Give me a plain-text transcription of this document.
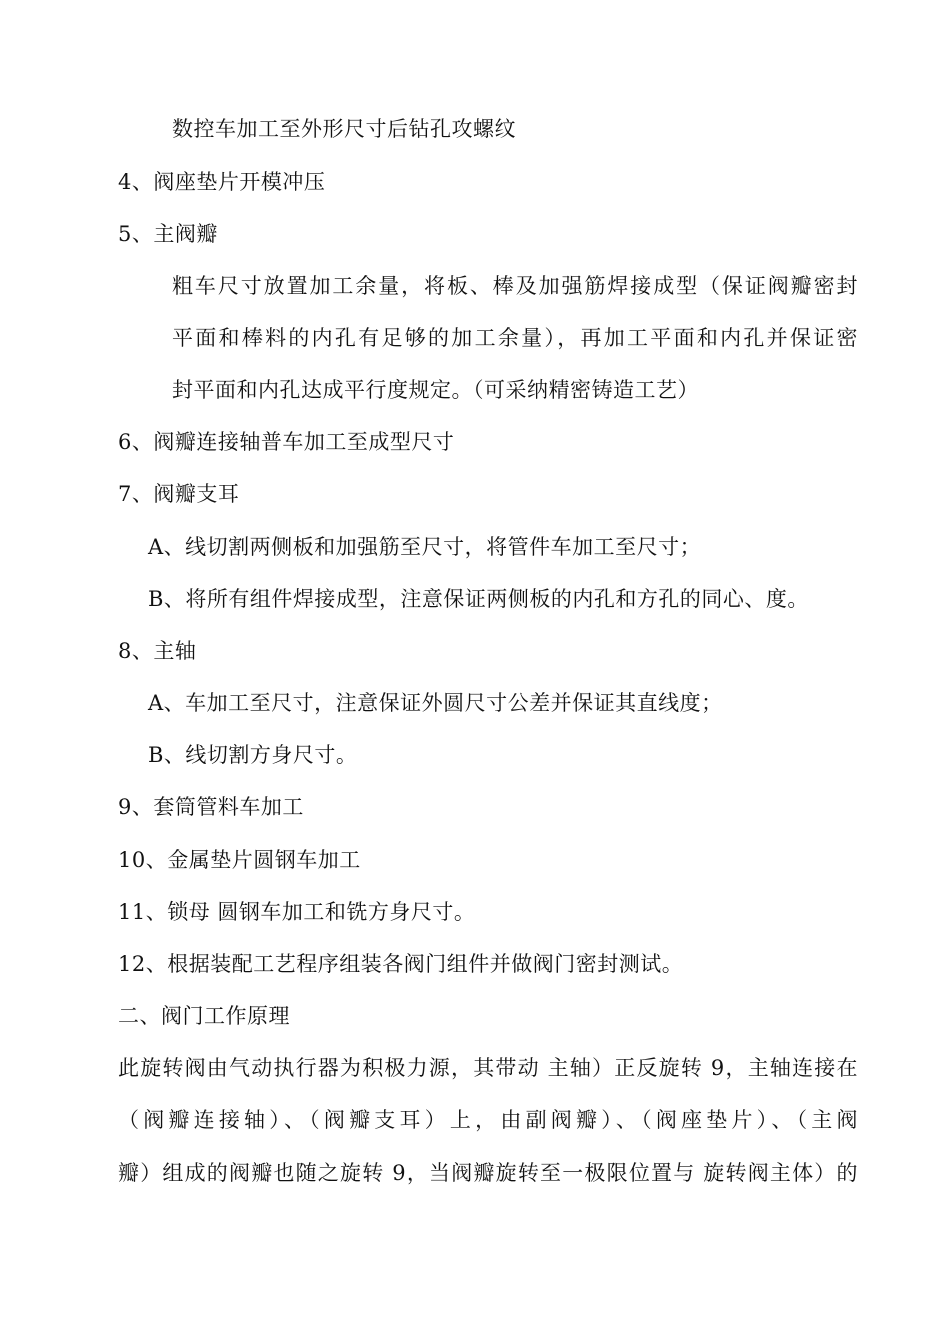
数控车加工至外形尺寸后钻孔攻螺纹
4、阀座垫片开模冲压
5、主阀瓣
粗车尺寸放置加工余量，将板、棒及加强筋焊接成型（保证阀瓣密封
平面和棒料的内孔有足够的加工余量），再加工平面和内孔并保证密
封平面和内孔达成平行度规定。（可采纳精密铸造工艺）
6、阀瓣连接轴普车加工至成型尺寸
7、阀瓣支耳
A、线切割两侧板和加强筋至尺寸，将管件车加工至尺寸；
B、将所有组件焊接成型，注意保证两侧板的内孔和方孔的同心、度。
8、主轴
A、车加工至尺寸，注意保证外圆尺寸公差并保证其直线度；
B、线切割方身尺寸。
9、套筒管料车加工
10、金属垫片圆钢车加工
11、锁母 圆钢车加工和铣方身尺寸。
12、根据装配工艺程序组装各阀门组件并做阀门密封测试。
二、阀门工作原理
此旋转阀由气动执行器为积极力源，其带动 主轴）正反旋转 9，主轴连接在
（阀瓣连接轴）、（阀瓣支耳）上，由副阀瓣）、（阀座垫片）、（主阀
瓣）组成的阀瓣也随之旋转 9，当阀瓣旋转至一极限位置与 旋转阀主体）的
